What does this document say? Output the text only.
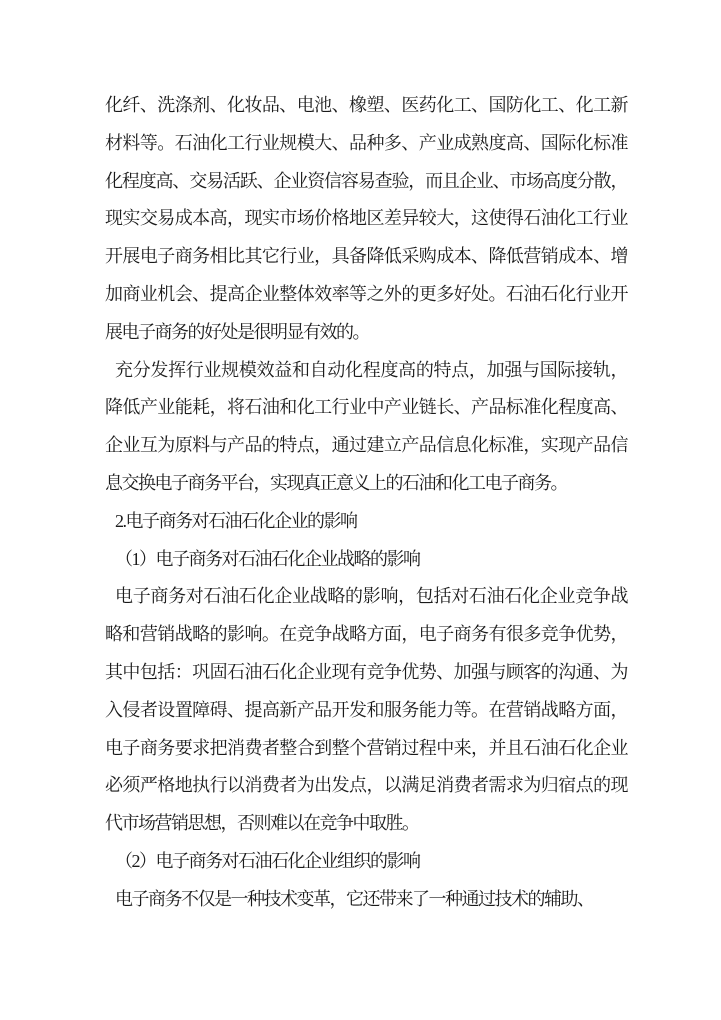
化纤、洗涤剂、化妆品、电池、橡塑、医药化工、国防化工、化工新
材料等。石油化工行业规模大、品种多、产业成熟度高、国际化标准
化程度高、交易活跃、企业资信容易查验，而且企业、市场高度分散，
现实交易成本高，现实市场价格地区差异较大，这使得石油化工行业
开展电子商务相比其它行业，具备降低采购成本、降低营销成本、增
加商业机会、提高企业整体效率等之外的更多好处。石油石化行业开
展电子商务的好处是很明显有效的。
充分发挥行业规模效益和自动化程度高的特点，加强与国际接轨，
降低产业能耗，将石油和化工行业中产业链长、产品标准化程度高、
企业互为原料与产品的特点，通过建立产品信息化标准，实现产品信
息交换电子商务平台，实现真正意义上的石油和化工电子商务。
2.电子商务对石油石化企业的影响
（1）电子商务对石油石化企业战略的影响
电子商务对石油石化企业战略的影响，包括对石油石化企业竞争战
略和营销战略的影响。在竞争战略方面，电子商务有很多竞争优势，
其中包括：巩固石油石化企业现有竞争优势、加强与顾客的沟通、为
入侵者设置障碍、提高新产品开发和服务能力等。在营销战略方面，
电子商务要求把消费者整合到整个营销过程中来，并且石油石化企业
必须严格地执行以消费者为出发点，以满足消费者需求为归宿点的现
代市场营销思想，否则难以在竞争中取胜。
（2）电子商务对石油石化企业组织的影响
电子商务不仅是一种技术变革，它还带来了一种通过技术的辅助、
